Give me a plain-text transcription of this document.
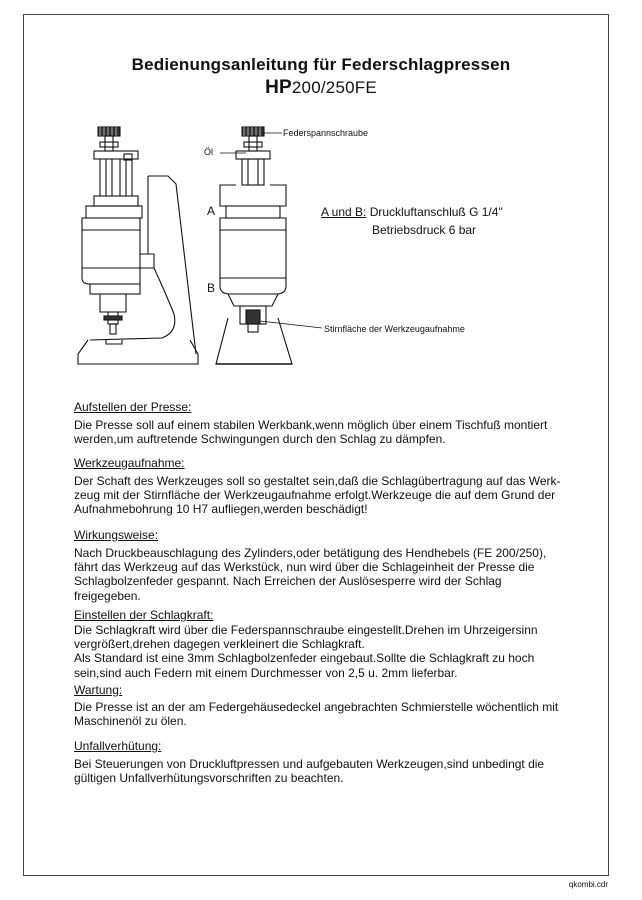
Bedienungsanleitung für Federschlagpressen
HP200/250FE
Federspannschraube
Öl
A
B
Stirnfläche der Werkzeugaufnahme
A und B: Druckluftanschluß G 1/4"
Betriebsdruck 6 bar
Aufstellen der Presse:

Die Presse soll auf einem stabilen Werkbank,wenn möglich über einem Tischfuß montiert

werden,um auftretende Schwingungen durch den Schlag zu dämpfen.

Werkzeugaufnahme:

Der Schaft des Werkzeuges soll so gestaltet sein,daß die Schlagübertragung auf das Werk-

zeug mit der Stirnfläche der Werkzeugaufnahme erfolgt.Werkzeuge die auf dem Grund der

Aufnahmebohrung 10 H7 aufliegen,werden beschädigt!

Wirkungsweise:

Nach Druckbeauschlagung des Zylinders,oder betätigung des Hendhebels (FE 200/250),

fährt das Werkzeug auf das Werkstück, nun wird über die Schlageinheit der Presse die

Schlagbolzenfeder gespannt. Nach Erreichen der Auslösesperre wird der Schlag

freigegeben.

Einstellen der Schlagkraft:

Die Schlagkraft wird über die Federspannschraube eingestellt.Drehen im Uhrzeigersinn

vergrößert,drehen dagegen verkleinert die Schlagkraft.

Als Standard ist eine 3mm Schlagbolzenfeder eingebaut.Sollte die Schlagkraft zu hoch

sein,sind auch Federn mit einem Durchmesser von 2,5 u. 2mm lieferbar.

Wartung:

Die Presse ist an der am Federgehäusedeckel angebrachten Schmierstelle wöchentlich mit

Maschinenöl zu ölen.

Unfallverhütung:

Bei Steuerungen von Druckluftpressen und aufgebauten Werkzeugen,sind unbedingt die

gültigen Unfallverhütungsvorschriften zu beachten.

qkombi.cdr
